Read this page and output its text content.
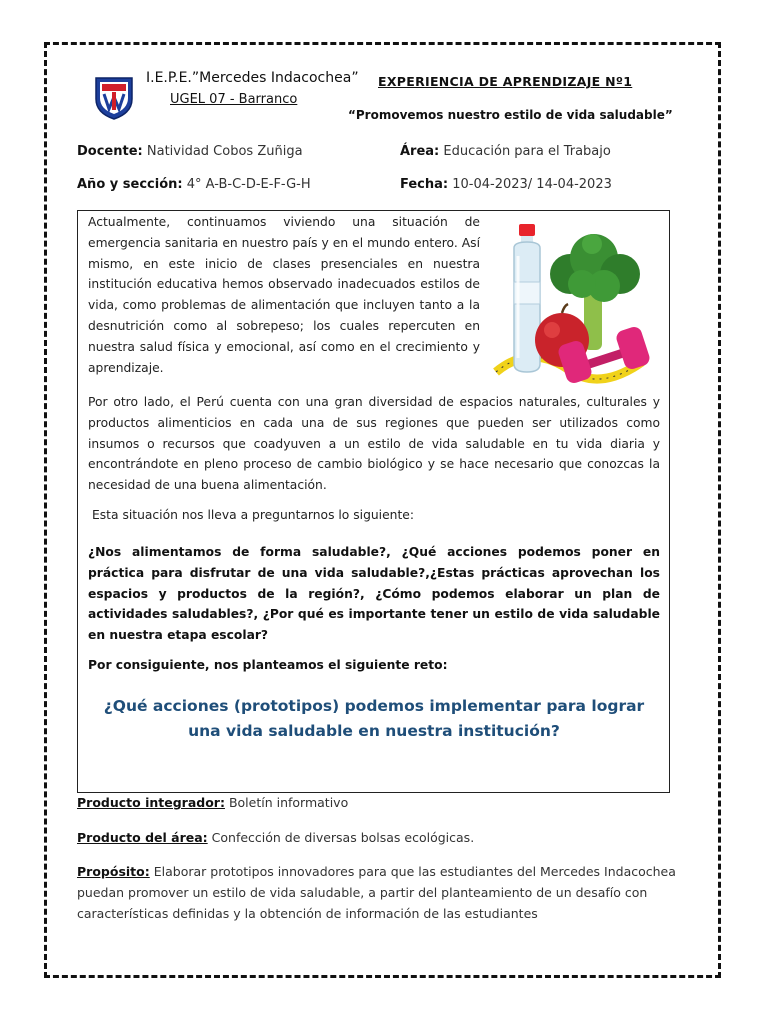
I.E.P.E.”Mercedes Indacochea”
UGEL 07 - Barranco
EXPERIENCIA DE APRENDIZAJE Nº1
“Promovemos nuestro estilo de vida saludable”
Docente: Natividad Cobos Zuñiga	Área: Educación para el Trabajo
Año y sección: 4° A-B-C-D-E-F-G-H	Fecha: 10-04-2023/ 14-04-2023
Actualmente, continuamos viviendo una situación de emergencia sanitaria en nuestro país y en el mundo entero. Así mismo, en este inicio de clases presenciales en nuestra institución educativa hemos observado inadecuados estilos de vida, como problemas de alimentación que incluyen tanto a la desnutrición como al sobrepeso; los cuales repercuten en nuestra salud física y emocional, así como en el crecimiento y aprendizaje.
Por otro lado, el Perú cuenta con una gran diversidad de espacios naturales, culturales y productos alimenticios en cada una de sus regiones que pueden ser utilizados como insumos o recursos que coadyuven a un estilo de vida saludable en tu vida diaria y encontrándote en pleno proceso de cambio biológico y se hace necesario que conozcas la necesidad de una buena alimentación.
Esta situación nos lleva a preguntarnos lo siguiente:
¿Nos alimentamos de forma saludable?, ¿Qué acciones podemos poner en práctica para disfrutar de una vida saludable?,¿Estas prácticas aprovechan los espacios y productos de la región?, ¿Cómo podemos elaborar un plan de actividades saludables?, ¿Por qué es importante tener un estilo de vida saludable en nuestra etapa escolar?
Por consiguiente, nos planteamos el siguiente reto:
¿Qué acciones (prototipos) podemos implementar para lograr una vida saludable en nuestra institución?
Producto integrador: Boletín informativo
Producto del área: Confección de diversas bolsas ecológicas.
Propósito: Elaborar prototipos innovadores para que las estudiantes del Mercedes Indacochea puedan promover un estilo de vida saludable, a partir del planteamiento de un desafío con características definidas y la obtención de información de las estudiantes
